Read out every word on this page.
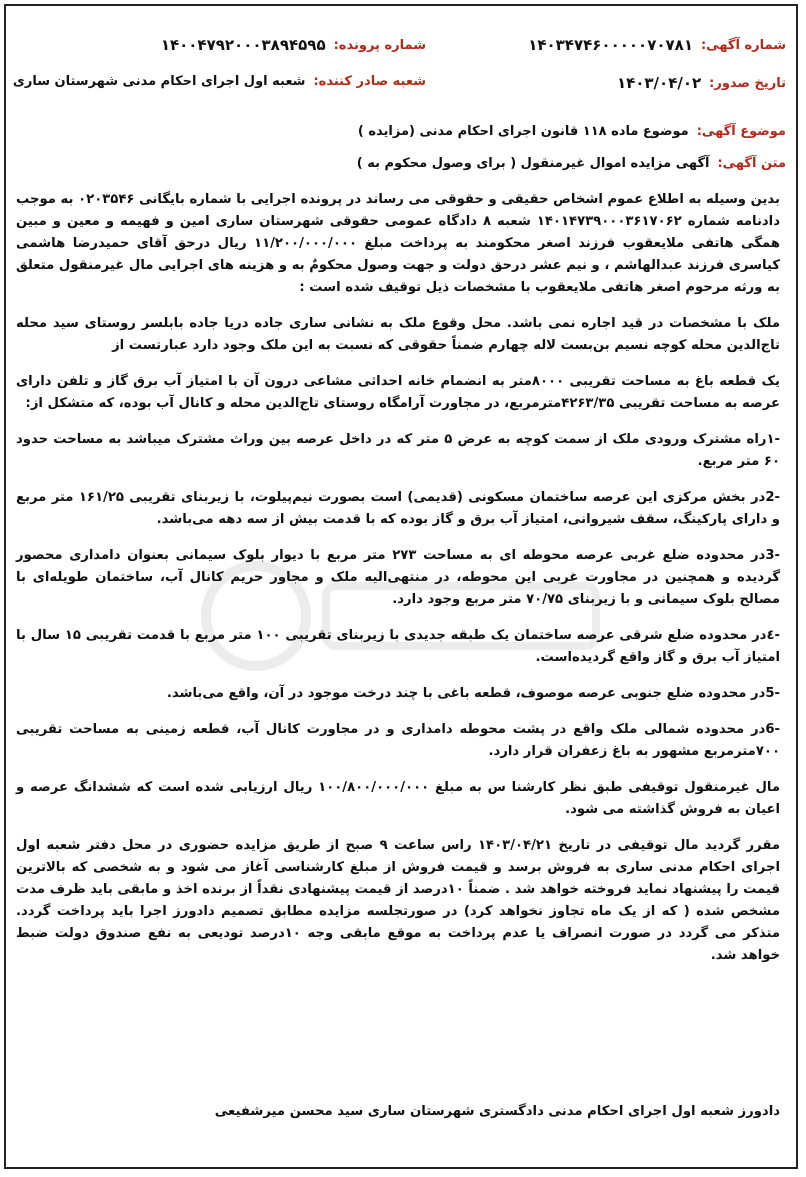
شماره آگهی:
۱۴۰۳۴۷۴۶۰۰۰۰۰۷۰۷۸۱
شماره پرونده:
۱۴۰۰۴۷۹۲۰۰۰۳۸۹۴۵۹۵
تاریخ صدور:
۱۴۰۳/۰۴/۰۲
شعبه صادر کننده:
شعبه اول اجرای احکام مدنی شهرستان ساری
موضوع آگهی:
موضوع ماده ۱۱۸ قانون اجرای احکام مدنی (مزایده )
متن آگهی:
آگهی مزایده اموال غیرمنقول ( برای وصول محکوم به )

بدین وسیله به اطلاع عموم اشخاص حقیقی و حقوقی می رساند در پرونده اجرایی با شماره بایگانی ۰۲۰۳۵۴۶ به موجب دادنامه شماره ۱۴۰۱۴۷۳۹۰۰۰۳۶۱۷۰۶۲ شعبه ۸ دادگاه عمومی حقوقی شهرستان ساری امین و فهیمه و معین و مبین همگی هاتفی ملایعقوب فرزند اصغر محکومند به پرداخت مبلغ ۱۱/۲۰۰/۰۰۰/۰۰۰ ریال درحق آقای حمیدرضا هاشمی کیاسری فرزند عبدالهاشم ، و نیم عشر درحق دولت و جهت وصول محکومٌ به و هزینه های اجرایی مال غیرمنقول متعلق به ورثه مرحوم اصغر هاتفی ملایعقوب با مشخصات ذیل توقیف شده است :

ملک با مشخصات در قید اجاره نمی باشد. محل وقوع ملک به نشانی ساری جاده دریا جاده بابلسر روستای سید محله تاج‌الدین محله کوچه نسیم بن‌بست لاله چهارم ضمناً حقوقی که نسبت به این ملک وجود دارد عبارتست از

یک قطعه باغ به مساحت تقریبی ۸۰۰۰متر به انضمام خانه احداثی مشاعی درون آن با امتیاز آب برق گاز و تلفن دارای عرصه به مساحت تقریبی ۴۲۶۳/۳۵مترمربع، در مجاورت آرامگاه روستای تاج‌الدین محله و کانال آب بوده، که متشکل از:

-۱راه مشترک ورودی ملک از سمت کوچه به عرض ۵ متر که در داخل عرصه بین وراث مشترک میباشد به مساحت حدود ۶۰ متر مربع.

-2در بخش مرکزی این عرصه ساختمان مسکونی (قدیمی) است بصورت نیم‌پیلوت، با زیربنای تقریبی ۱۶۱/۲۵ متر مربع و دارای پارکینگ، سقف شیروانی، امتیاز آب برق و گاز بوده که با قدمت بیش از سه دهه می‌باشد.

-3در محدوده ضلع غربی عرصه محوطه ای به مساحت ۲۷۳ متر مربع با دیوار بلوک سیمانی بعنوان دامداری محصور گردیده و همچنین در مجاورت غربی این محوطه، در منتهی‌الیه ملک و مجاور حریم کانال آب، ساختمان طویله‌ای با مصالح بلوک سیمانی و با زیربنای ۷۰/۷۵ متر مربع وجود دارد.

-٤در محدوده ضلع شرقی عرصه ساختمان یک طبقه جدیدی با زیربنای تقریبی ۱۰۰ متر مربع با قدمت تقریبی ۱۵ سال با امتیاز آب برق و گاز واقع گردیده‌است.

-5در محدوده ضلع جنوبی عرصه موصوف، قطعه باغی با چند درخت موجود در آن، واقع می‌باشد.

-6در محدوده شمالی ملک واقع در پشت محوطه دامداری و در مجاورت کانال آب، قطعه زمینی به مساحت تقریبی ۷۰۰مترمربع مشهور به باغ زعفران قرار دارد.

مال غیرمنقول توقیفی طبق نظر کارشنا س به مبلغ ۱۰۰/۸۰۰/۰۰۰/۰۰۰ ریال ارزیابی شده است که ششدانگ عرصه و اعیان به فروش گذاشته می شود.

مقرر گردید مال توقیفی در تاریخ ۱۴۰۳/۰۴/۲۱ راس ساعت ۹ صبح از طریق مزایده حضوری در محل دفتر شعبه اول اجرای احکام مدنی ساری به فروش برسد و قیمت فروش از مبلغ کارشناسی آغاز می شود و به شخصی که بالاترین قیمت را پیشنهاد نماید فروخته خواهد شد . ضمناً ۱۰درصد از قیمت پیشنهادی نقداً از برنده اخذ و مابقی باید ظرف مدت مشخص شده ( که از یک ماه تجاوز نخواهد کرد) در صورتجلسه مزایده مطابق تصمیم دادورز اجرا باید پرداخت گردد. متذکر می گردد در صورت انصراف یا عدم پرداخت به موقع مابقی وجه ۱۰درصد تودیعی به نفع صندوق دولت ضبط خواهد شد.

دادورز شعبه اول اجرای احکام مدنی دادگستری شهرستان ساری سید محسن میرشفیعی
